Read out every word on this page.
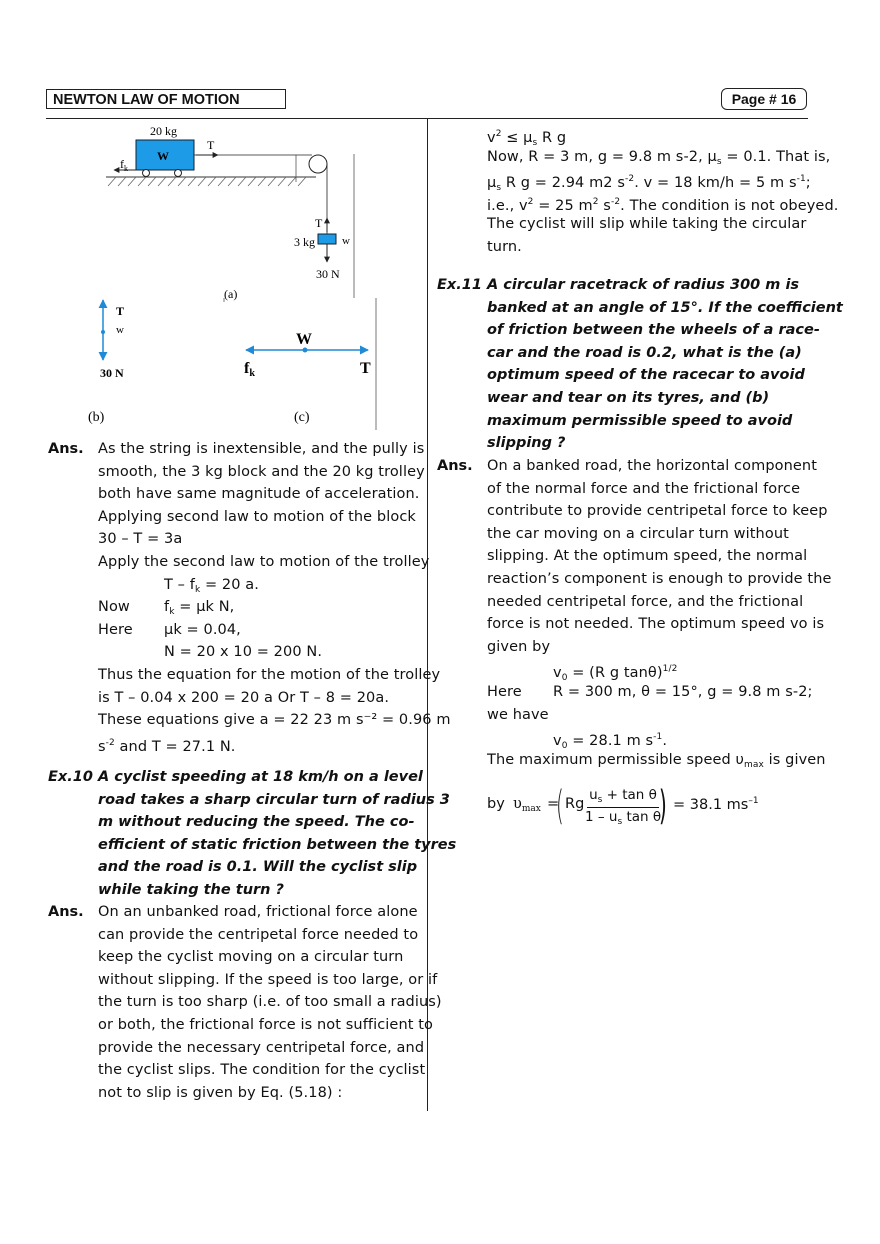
NEWTON LAW OF MOTION	Page # 16
20 kg
W
$f_k$
T
T
3 kg w
30 N
(a)
T
w
30 N
(b)
W
fk	T
(c)
Ans. As the string is inextensible, and the pully is
smooth, the 3 kg block and the 20 kg trolley
both have same magnitude of acceleration.
Applying second law to motion of the block
30 – T = 3a
Apply the second law to motion of the trolley
$T - f_k = 20$ a.
Now $f_k = \mu k$ N,
Here μk = 0.04,
N = 20 x 10 = 200 N.
Thus the equation for the motion of the trolley
is T – 0.04 x 200 = 20 a Or T – 8 = 20a.
These equations give a = 22 23 m s⁻² = 0.96 m
$s^{-2}$ and T = 27.1 N.
Ex.10 A cyclist speeding at 18 km/h on a level
road takes a sharp circular turn of radius 3
m without reducing the speed. The co-
efficient of static friction between the tyres
and the road is 0.1. Will the cyclist slip
while taking the turn ?
Ans. On an unbanked road, frictional force alone
can provide the centripetal force needed to
keep the cyclist moving on a circular turn
without slipping. If the speed is too large, or if
the turn is too sharp (i.e. of too small a radius)
or both, the frictional force is not sufficient to
provide the necessary centripetal force, and
the cyclist slips. The condition for the cyclist
not to slip is given by Eq. (5.18) :
$v^2 \le \mu_s$ R g
Now, R = 3 m, g = 9.8 m s-2, $\mu_s = 0.1$. That is,
$\mu_s$ R g = 2.94 m2 $s^{-2}$. v = 18 km/h = 5 m $s^{-1}$;
i.e., $v^2 = 25$ $m^2$ $s^{-2}$. The condition is not obeyed.
The cyclist will slip while taking the circular
turn.
Ex.11 A circular racetrack of radius 300 m is
banked at an angle of 15°. If the coefficient
of friction between the wheels of a race-
car and the road is 0.2, what is the (a)
optimum speed of the racecar to avoid
wear and tear on its tyres, and (b)
maximum permissible speed to avoid
slipping ?
Ans. On a banked road, the horizontal component
of the normal force and the frictional force
contribute to provide centripetal force to keep
the car moving on a circular turn without
slipping. At the optimum speed, the normal
reaction’s component is enough to provide the
needed centripetal force, and the frictional
force is not needed. The optimum speed vo is
given by
$v_0 = (R$ g tanθ)$^{1/2}$
Here R = 300 m, θ = 15°, g = 9.8 m s-2;
we have
$v_0 = 28.1$ m $s^{-1}$.
The maximum permissible speed $\upsilon_{max}$ is given
by $\upsilon_{max}$ =
( Rg
$u_s + \tan \theta$
$1 - u_s$ tan θ
) = 38.1 $ms^{-1}$
